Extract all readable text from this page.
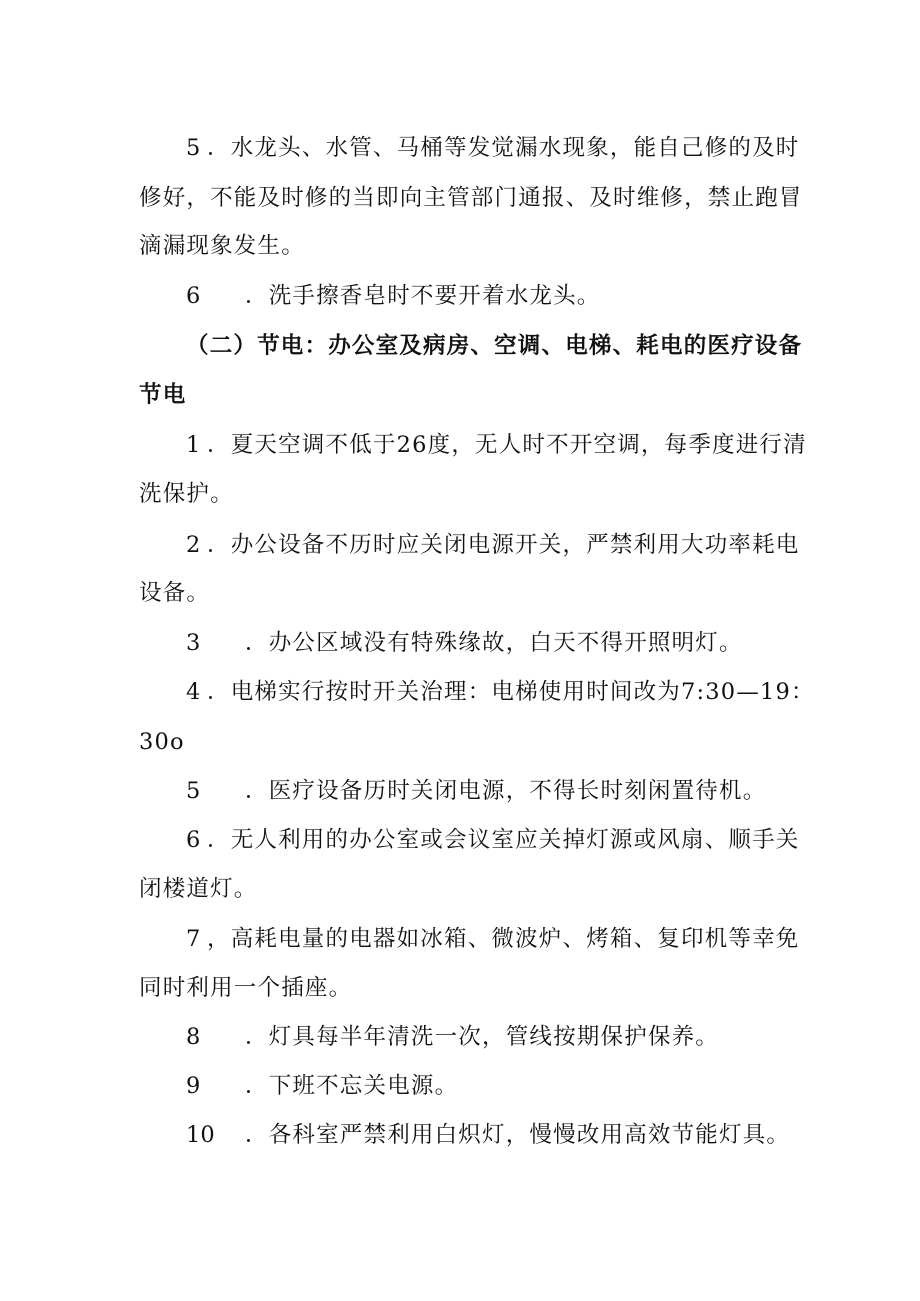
5 ．水龙头、水管、马桶等发觉漏水现象，能自己修的及时
修好，不能及时修的当即向主管部门通报、及时维修，禁止跑冒
滴漏现象发生。
6 ．洗手擦香皂时不要开着水龙头。
（二）节电：办公室及病房、空调、电梯、耗电的医疗设备
节电
1 ．夏天空调不低于26度，无人时不开空调，每季度进行清
洗保护。
2 ．办公设备不历时应关闭电源开关，严禁利用大功率耗电
设备。
3 ．办公区域没有特殊缘故，白天不得开照明灯。
4 ．电梯实行按时开关治理：电梯使用时间改为7:30—19：
30o
5 ．医疗设备历时关闭电源，不得长时刻闲置待机。
6 ．无人利用的办公室或会议室应关掉灯源或风扇、顺手关
闭楼道灯。
7 ，高耗电量的电器如冰箱、微波炉、烤箱、复印机等幸免
同时利用一个插座。
8 ．灯具每半年清洗一次，管线按期保护保养。
9 ．下班不忘关电源。
10 ．各科室严禁利用白炽灯，慢慢改用高效节能灯具。
